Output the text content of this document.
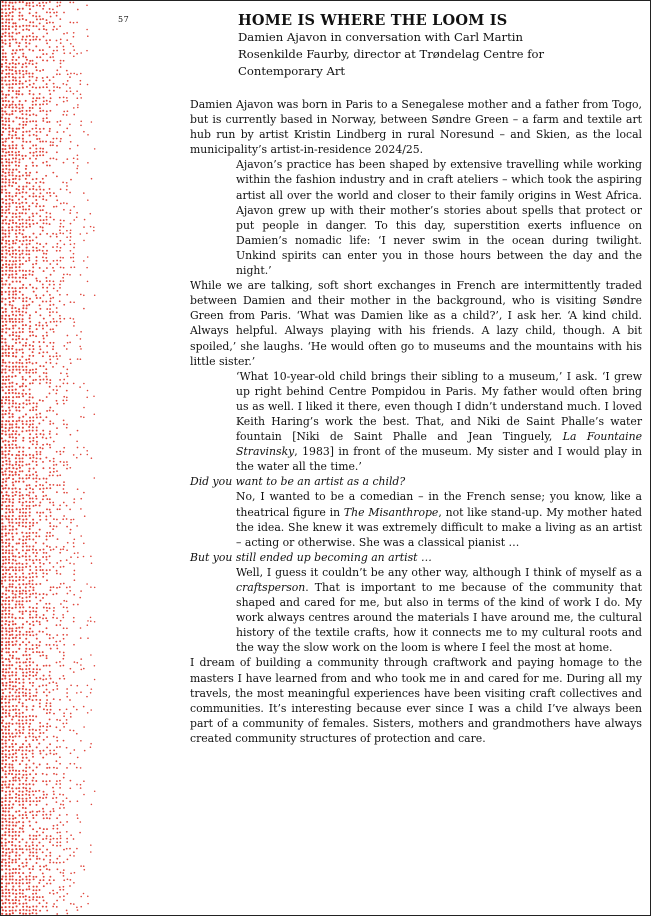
57	HOME IS WHERE THE LOOM IS

Damien Ajavon in conversation with Carl Martin Rosenkilde Faurby, director at Trøndelag Centre for Contemporary Art

Damien Ajavon was born in Paris to a Senegalese mother and a father from Togo, but is currently based in Norway, between Søndre Green – a farm and textile art hub run by artist Kristin Lindberg in rural Noresund – and Skien, as the local municipality’s artist-in-residence 2024/25.

Ajavon’s practice has been shaped by extensive travelling while working within the fashion industry and in craft ateliers – which took the aspiring artist all over the world and closer to their family origins in West Africa. Ajavon grew up with their mother’s stories about spells that protect or put people in danger. To this day, superstition exerts influence on Damien’s nomadic life: ‘I never swim in the ocean during twilight. Unkind spirits can enter you in those hours between the day and the night.’

While we are talking, soft short exchanges in French are intermittently traded between Damien and their mother in the background, who is visiting Søndre Green from Paris. ‘What was Damien like as a child?’, I ask her. ‘A kind child. Always helpful. Always playing with his friends. A lazy child, though. A bit spoiled,’ she laughs. ‘He would often go to museums and the mountains with his little sister.’

‘What 10-year-old child brings their sibling to a museum,’ I ask. ‘I grew up right behind Centre Pompidou in Paris. My father would often bring us as well. I liked it there, even though I didn’t understand much. I loved Keith Haring’s work the best. That, and Niki de Saint Phalle’s water fountain [Niki de Saint Phalle and Jean Tinguely, La Fountaine Stravinsky, 1983] in front of the museum. My sister and I would play in the water all the time.’

Did you want to be an artist as a child?

No, I wanted to be a comedian – in the French sense; you know, like a theatrical figure in The Misanthrope, not like stand-up. My mother hated the idea. She knew it was extremely difficult to make a living as an artist – acting or otherwise. She was a classical pianist …

But you still ended up becoming an artist …

Well, I guess it couldn’t be any other way, although I think of myself as a craftsperson. That is important to me because of the community that shaped and cared for me, but also in terms of the kind of work I do. My work always centres around the materials I have around me, the cultural history of the textile crafts, how it connects me to my cultural roots and the way the slow work on the loom is where I feel the most at home.

I dream of building a community through craftwork and paying homage to the masters I have learned from and who took me in and cared for me. During all my travels, the most meaningful experiences have been visiting craft collectives and communities. It’s interesting because ever since I was a child I’ve always been part of a community of females. Sisters, mothers and grandmothers have always created community structures of protection and care.
